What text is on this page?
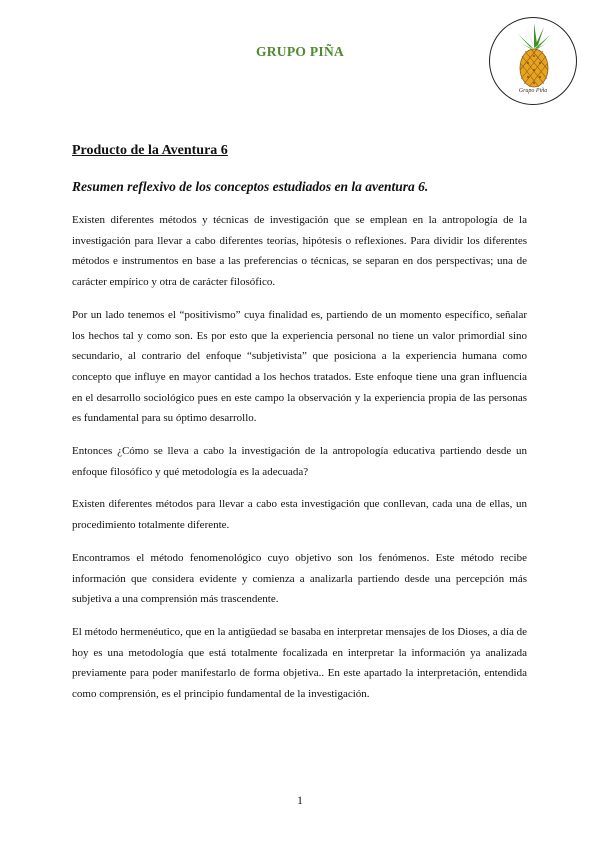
GRUPO PIÑA
Grupo Piña
Producto de la Aventura 6
Resumen reflexivo de los conceptos estudiados en la aventura 6.

Existen diferentes métodos y técnicas de investigación que se emplean en la antropología de la investigación para llevar a cabo diferentes teorías, hipótesis o reflexiones. Para dividir los diferentes métodos e instrumentos en base a las preferencias o técnicas, se separan en dos perspectivas; una de carácter empírico y otra de carácter filosófico.

Por un lado tenemos el “positivismo” cuya finalidad es, partiendo de un momento específico, señalar los hechos tal y como son. Es por esto que la experiencia personal no tiene un valor primordial sino secundario, al contrario del enfoque “subjetivista” que posiciona a la experiencia humana como concepto que influye en mayor cantidad a los hechos tratados. Este enfoque tiene una gran influencia en el desarrollo sociológico pues en este campo la observación y la experiencia propia de las personas es fundamental para su óptimo desarrollo.

Entonces ¿Cómo se lleva a cabo la investigación de la antropología educativa partiendo desde un enfoque filosófico y qué metodología es la adecuada?

Existen diferentes métodos para llevar a cabo esta investigación que conllevan, cada una de ellas, un procedimiento totalmente diferente.

Encontramos el método fenomenológico cuyo objetivo son los fenómenos. Este método recibe información que considera evidente y comienza a analizarla partiendo desde una percepción más subjetiva a una comprensión más trascendente.

El método hermenéutico, que en la antigüedad se basaba en interpretar mensajes de los Dioses, a día de hoy es una metodología que está totalmente focalizada en interpretar la información ya analizada previamente para poder manifestarlo de forma objetiva.. En este apartado la interpretación, entendida como comprensión, es el principio fundamental de la investigación.

1
